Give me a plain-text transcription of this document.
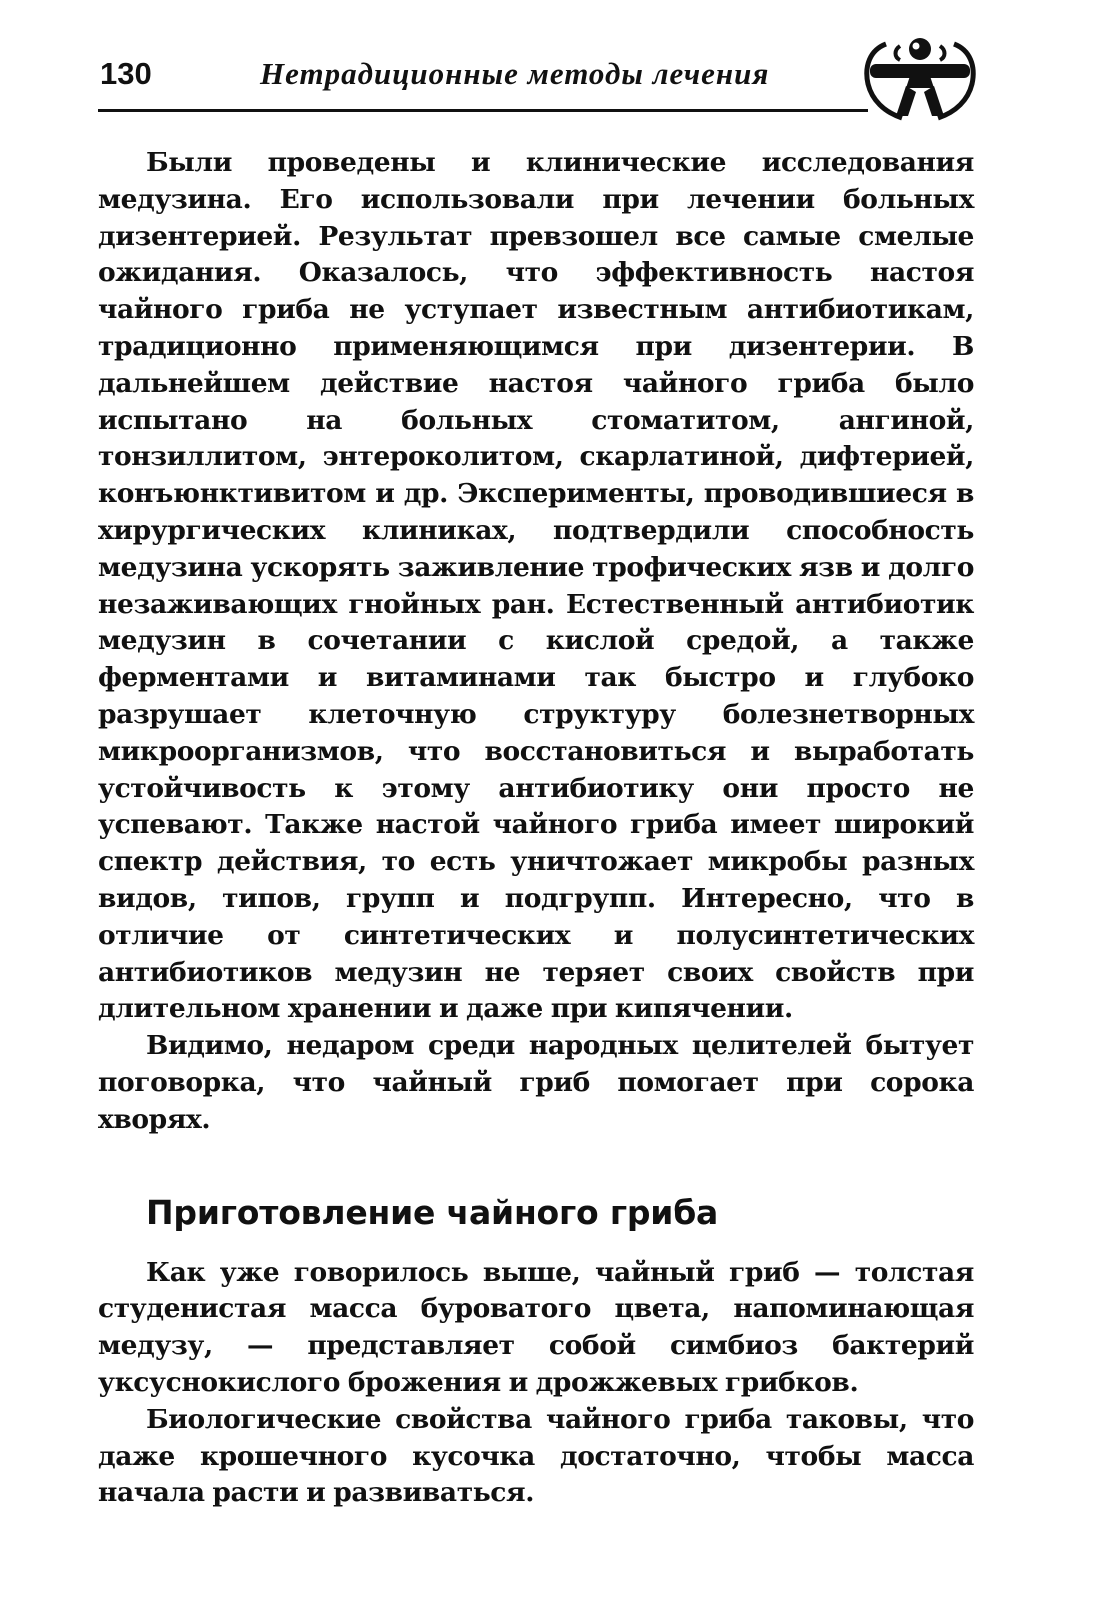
130	Нетрадиционные методы лечения

Были проведены и клинические исследования медузина. Его использовали при лечении больных дизентерией. Результат превзошел все самые смелые ожидания. Оказалось, что эффективность настоя чайного гриба не уступает известным антибиотикам, традиционно применяющимся при дизентерии. В дальнейшем действие настоя чайного гриба было испытано на больных стоматитом, ангиной, тонзиллитом, энтероколитом, скарлатиной, дифтерией, конъюнктивитом и др. Эксперименты, проводившиеся в хирургических клиниках, подтвердили способность медузина ускорять заживление трофических язв и долго незаживающих гнойных ран. Естественный антибиотик медузин в сочетании с кислой средой, а также ферментами и витаминами так быстро и глубоко разрушает клеточную структуру болезнетворных микроорганизмов, что восстановиться и выработать устойчивость к этому антибиотику они просто не успевают. Также настой чайного гриба имеет широкий спектр действия, то есть уничтожает микробы разных видов, типов, групп и подгрупп. Интересно, что в отличие от синтетических и полусинтетических антибиотиков медузин не теряет своих свойств при длительном хранении и даже при кипячении.

Видимо, недаром среди народных целителей бытует поговорка, что чайный гриб помогает при сорока хворях.

Приготовление чайного гриба

Как уже говорилось выше, чайный гриб — толстая студенистая масса буроватого цвета, напоминающая медузу, — представляет собой симбиоз бактерий уксуснокислого брожения и дрожжевых грибков.

Биологические свойства чайного гриба таковы, что даже крошечного кусочка достаточно, чтобы масса начала расти и развиваться.
